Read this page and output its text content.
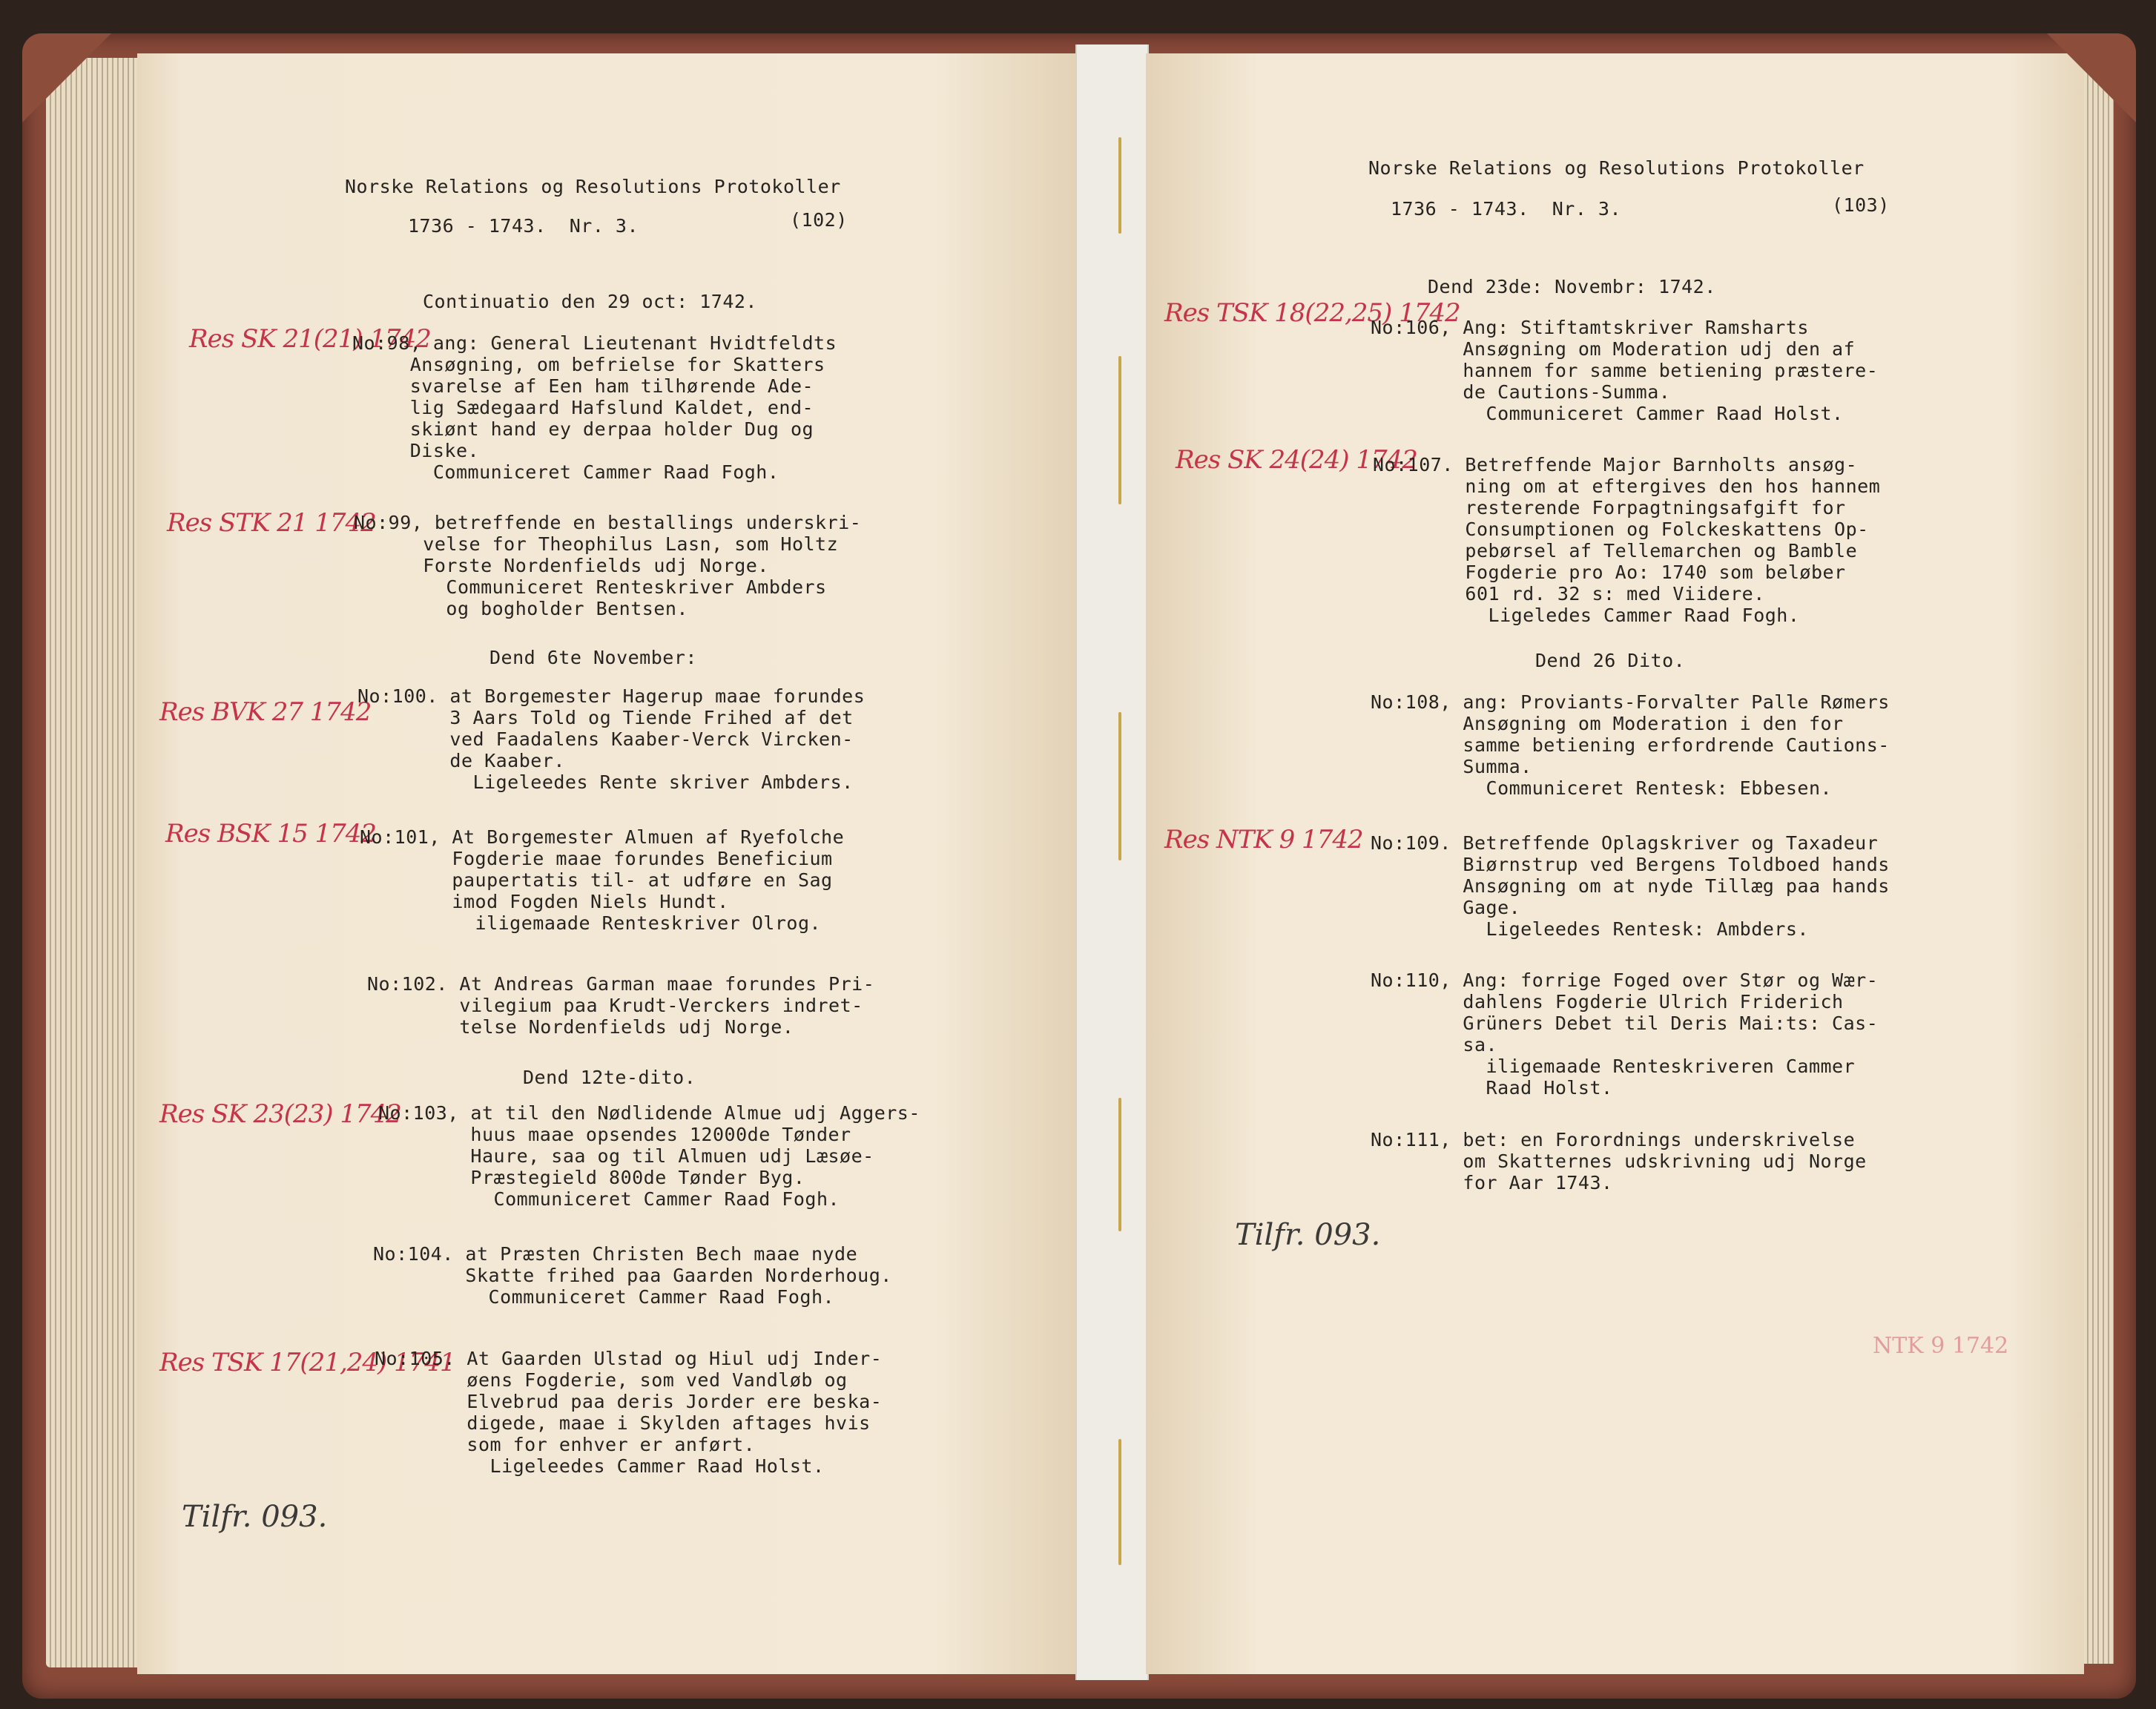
Norske Relations og Resolutions Protokoller
1736 - 1743.  Nr. 3.	(102)
Continuatio den 29 oct: 1742.
Res SK 21(21) 1742
No:98, ang: General Lieutenant Hvidtfeldts
Ansøgning, om befrielse for Skatters
svarelse af Een ham tilhørende Ade-
lig Sædegaard Hafslund Kaldet, end-
skiønt hand ey derpaa holder Dug og
Diske.
Communiceret Cammer Raad Fogh.
Res STK 21 1742
No:99, betreffende en bestallings underskri-
velse for Theophilus Lasn, som Holtz
Forste Nordenfields udj Norge.
Communiceret Renteskriver Ambders
og bogholder Bentsen.
Dend 6te November:
Res BVK 27 1742
No:100. at Borgemester Hagerup maae forundes
3 Aars Told og Tiende Frihed af det
ved Faadalens Kaaber-Verck Vircken-
de Kaaber.
Ligeleedes Rente skriver Ambders.
Res BSK 15 1742
No:101, At Borgemester Almuen af Ryefolche
Fogderie maae forundes Beneficium
paupertatis til- at udføre en Sag
imod Fogden Niels Hundt.
iligemaade Renteskriver Olrog.
No:102. At Andreas Garman maae forundes Pri-
vilegium paa Krudt-Verckers indret-
telse Nordenfields udj Norge.
Dend 12te-dito.
Res SK 23(23) 1742
No:103, at til den Nødlidende Almue udj Aggers-
huus maae opsendes 12000de Tønder
Haure, saa og til Almuen udj Læsøe-
Præstegield 800de Tønder Byg.
Communiceret Cammer Raad Fogh.
No:104. at Præsten Christen Bech maae nyde
Skatte frihed paa Gaarden Norderhoug.
Communiceret Cammer Raad Fogh.
Res TSK 17(21,24) 1741
No:105. At Gaarden Ulstad og Hiul udj Inder-
øens Fogderie, som ved Vandløb og
Elvebrud paa deris Jorder ere beska-
digede, maae i Skylden aftages hvis
som for enhver er anført.
Ligeleedes Cammer Raad Holst.
Tilfr. 093.
Norske Relations og Resolutions Protokoller
1736 - 1743.  Nr. 3.	(103)
Dend 23de: Novembr: 1742.
Res TSK 18(22,25) 1742
No:106, Ang: Stiftamtskriver Ramsharts
Ansøgning om Moderation udj den af
hannem for samme betiening præstere-
de Cautions-Summa.
Communiceret Cammer Raad Holst.
Res SK 24(24) 1742
No:107. Betreffende Major Barnholts ansøg-
ning om at eftergives den hos hannem
resterende Forpagtningsafgift for
Consumptionen og Folckeskattens Op-
pebørsel af Tellemarchen og Bamble
Fogderie pro Ao: 1740 som beløber
601 rd. 32 s: med Viidere.
Ligeledes Cammer Raad Fogh.
Dend 26 Dito.
No:108, ang: Proviants-Forvalter Palle Rømers
Ansøgning om Moderation i den for
samme betiening erfordrende Cautions-
Summa.
Communiceret Rentesk: Ebbesen.
Res NTK 9 1742 No:109. Betreffende Oplagskriver og Taxadeur
Biørnstrup ved Bergens Toldboed hands
Ansøgning om at nyde Tillæg paa hands
Gage.
Ligeleedes Rentesk: Ambders.
No:110, Ang: forrige Foged over Stør og Wær-
dahlens Fogderie Ulrich Friderich
Grüners Debet til Deris Mai:ts: Cas-
sa.
iligemaade Renteskriveren Cammer
Raad Holst.
No:111, bet: en Forordnings underskrivelse
om Skatternes udskrivning udj Norge
for Aar 1743.
Tilfr. 093.
NTK 9 1742
